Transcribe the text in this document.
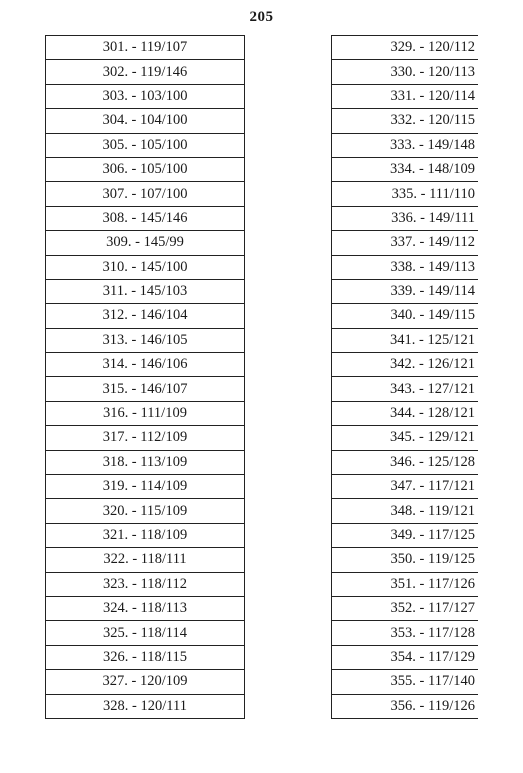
205
301. - 119/107
302. - 119/146
303. - 103/100
304. - 104/100
305. - 105/100
306. - 105/100
307. - 107/100
308. - 145/146
309. - 145/99
310. - 145/100
311. - 145/103
312. - 146/104
313. - 146/105
314. - 146/106
315. - 146/107
316. - 111/109
317. - 112/109
318. - 113/109
319. - 114/109
320. - 115/109
321. - 118/109
322. - 118/111
323. - 118/112
324. - 118/113
325. - 118/114
326. - 118/115
327. - 120/109
328. - 120/111
329. - 120/112
330. - 120/113
331. - 120/114
332. - 120/115
333. - 149/148
334. - 148/109
335. - 111/110
336. - 149/111
337. - 149/112
338. - 149/113
339. - 149/114
340. - 149/115
341. - 125/121
342. - 126/121
343. - 127/121
344. - 128/121
345. - 129/121
346. - 125/128
347. - 117/121
348. - 119/121
349. - 117/125
350. - 119/125
351. - 117/126
352. - 117/127
353. - 117/128
354. - 117/129
355. - 117/140
356. - 119/126
